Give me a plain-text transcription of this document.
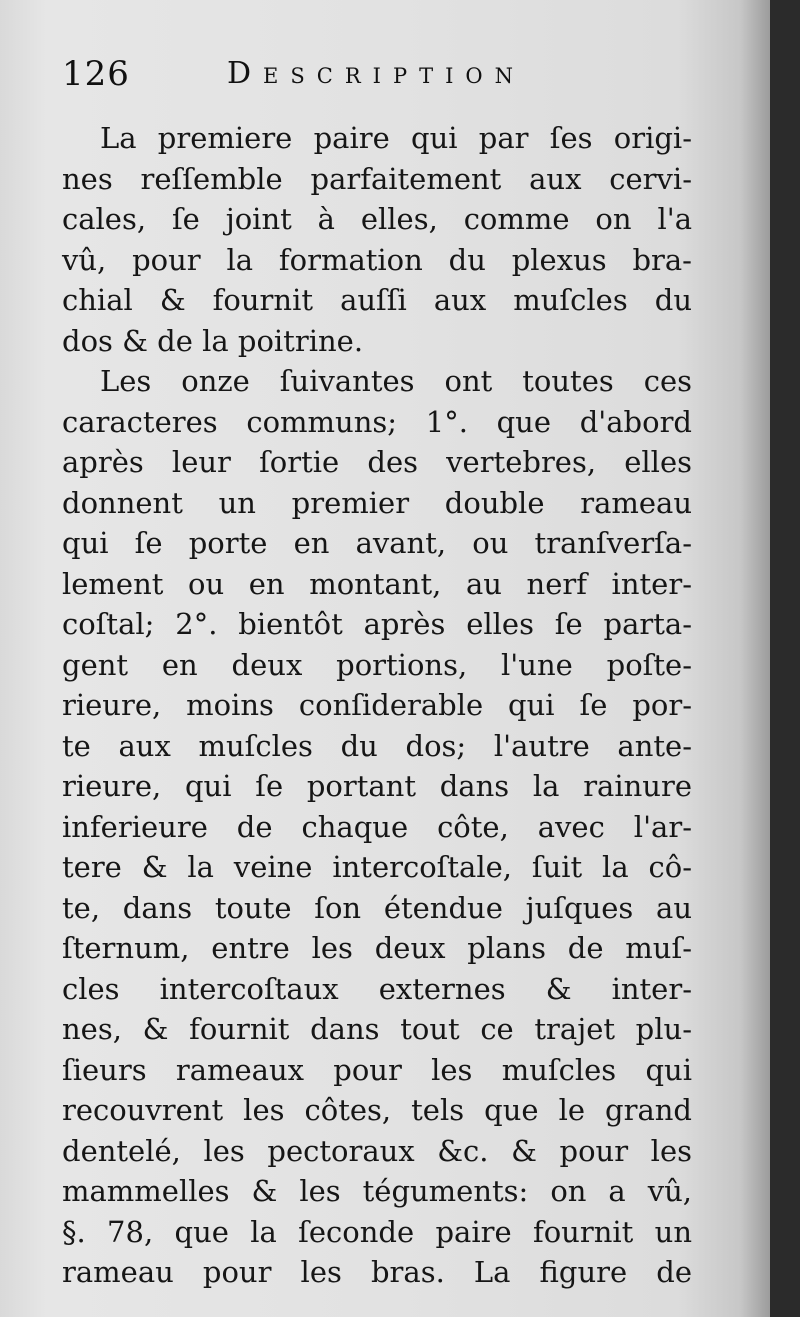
126	Description
La premiere paire qui par ſes origi-
nes reſſemble parfaitement aux cervi-
cales, ſe joint à elles, comme on l'a
vû, pour la formation du plexus bra-
chial & fournit auſſi aux muſcles du
dos & de la poitrine.
Les onze ſuivantes ont toutes ces
caracteres communs; 1°. que d'abord
après leur ſortie des vertebres, elles
donnent un premier double rameau
qui ſe porte en avant, ou tranſverſa-
lement ou en montant, au nerf inter-
coſtal; 2°. bientôt après elles ſe parta-
gent en deux portions, l'une poſte-
rieure, moins conſiderable qui ſe por-
te aux muſcles du dos; l'autre ante-
rieure, qui ſe portant dans la rainure
inferieure de chaque côte, avec l'ar-
tere & la veine intercoſtale, ſuit la cô-
te, dans toute ſon étendue juſques au
ſternum, entre les deux plans de muſ-
cles intercoſtaux externes & inter-
nes, & fournit dans tout ce trajet plu-
ſieurs rameaux pour les muſcles qui
recouvrent les côtes, tels que le grand
dentelé, les pectoraux &c. & pour les
mammelles & les téguments: on a vû,
§. 78, que la ſeconde paire fournit un
rameau pour les bras. La figure de
